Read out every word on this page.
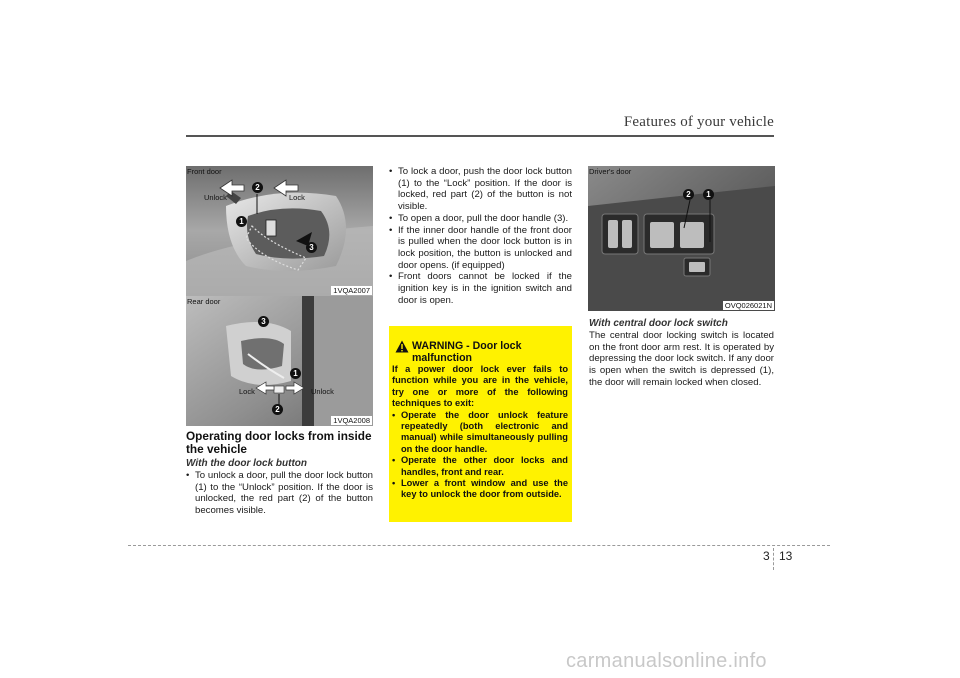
Features of your vehicle
Front door
Unlock	Lock
2
1
3
1VQA2007
Rear door
Lock	Unlock
3
1
2
1VQA2008
Operating door locks from inside the vehicle
With the door lock button

• To unlock a door, pull the door lock button (1) to the “Unlock” position. If the door is unlocked, the red part (2) of the button becomes visible.

• To lock a door, push the door lock button (1) to the “Lock” position. If the door is locked, red part (2) of the button is not visible.

• To open a door, pull the door handle (3).

• If the inner door handle of the front door is pulled when the door lock button is in lock position, the button is unlocked and door opens. (if equipped)

• Front doors cannot be locked if the ignition key is in the ignition switch and door is open.

WARNING - Door lock malfunction
If a power door lock ever fails to function while you are in the vehicle, try one or more of the following techniques to exit:
• Operate the door unlock feature repeatedly (both electronic and manual) while simultaneously pulling on the door handle.
• Operate the other door locks and handles, front and rear.
• Lower a front window and use the key to unlock the door from outside.
Driver's door
2	1
OVQ026021N
With central door lock switch
The central door locking switch is located on the front door arm rest. It is operated by depressing the door lock switch. If any door is open when the switch is depressed (1), the door will remain locked when closed.
3 13
carmanualsonline.info
